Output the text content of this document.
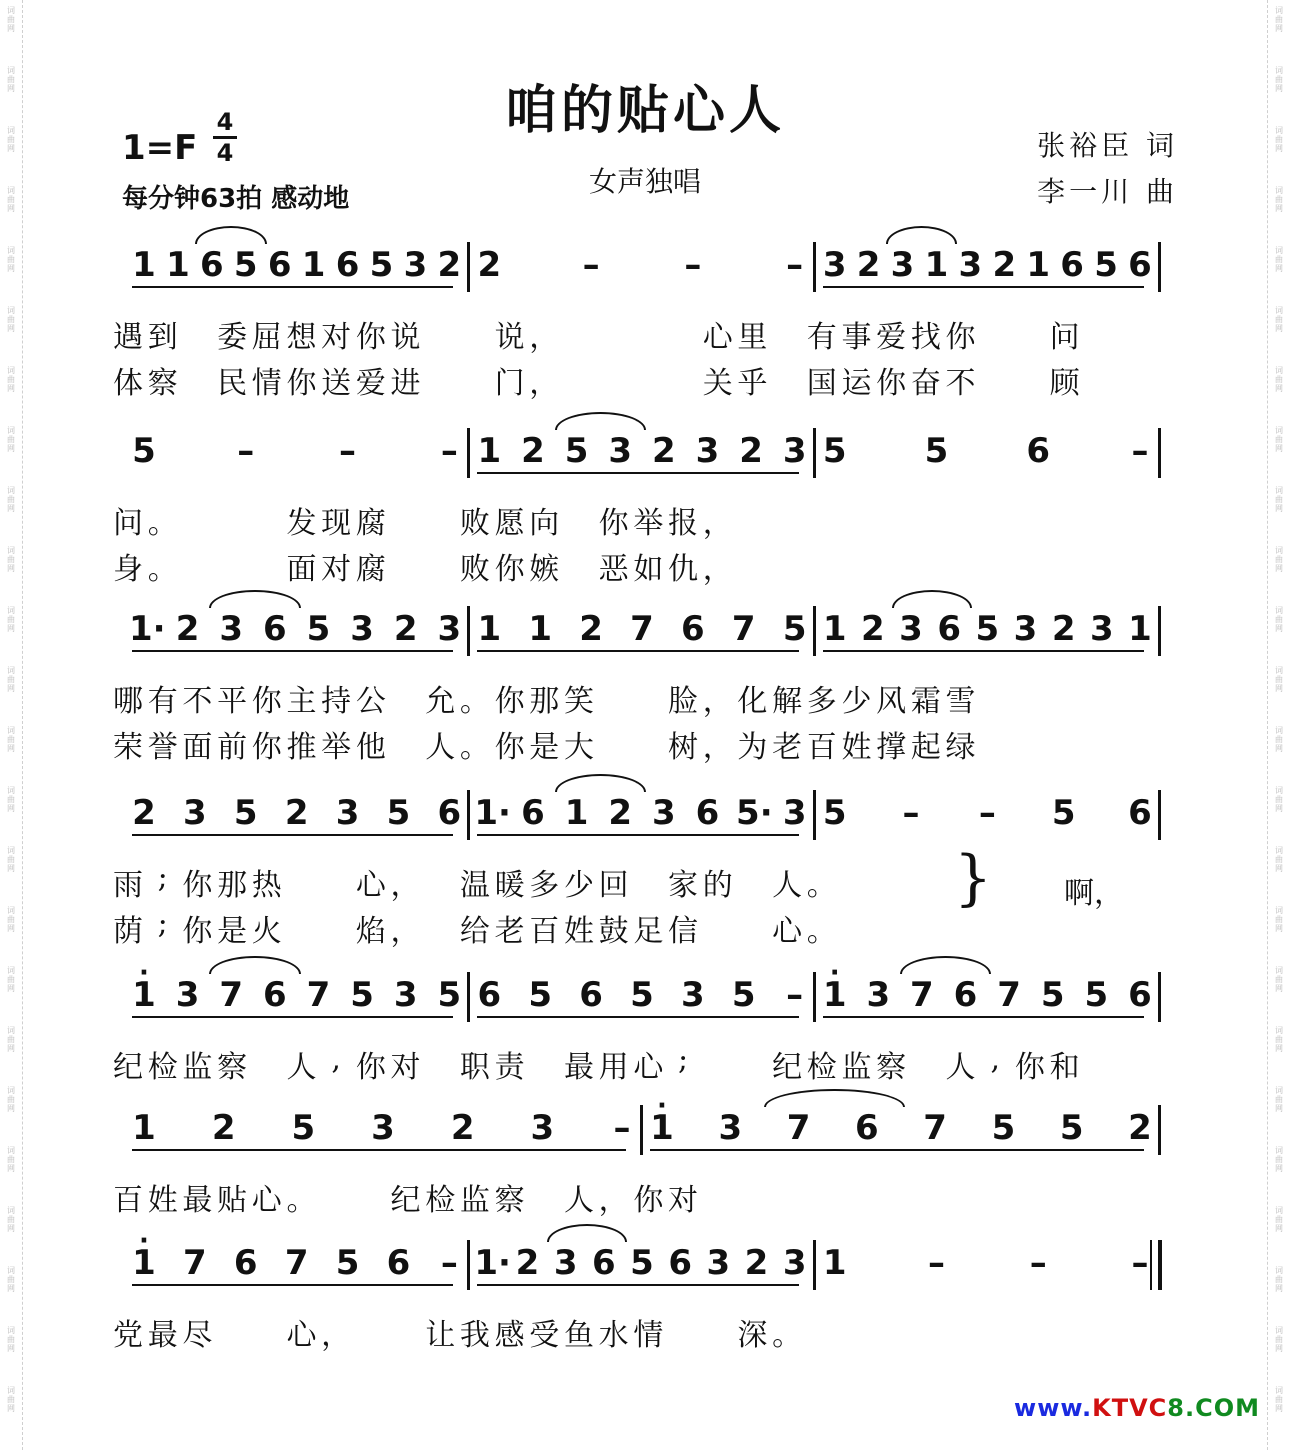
词
曲
网
词
曲
网
词
曲
网
词
曲
网
词
曲
网
词
曲
网
词
曲
网
词
曲
网
词
曲
网
词
曲
网
词
曲
网
词
曲
网
词
曲
网
词
曲
网
词
曲
网
词
曲
网
词
曲
网
词
曲
网
词
曲
网
词
曲
网
词
曲
网
词
曲
网
词
曲
网
词
曲
网
词
曲
网
词
曲
网
词
曲
网
词
曲
网
词
曲
网
词
曲
网
词
曲
网
词
曲
网
词
曲
网
词
曲
网
词
曲
网
词
曲
网
词
曲
网
词
曲
网
词
曲
网
词
曲
网
词
曲
网
词
曲
网
词
曲
网
词
曲
网
词
曲
网
词
曲
网
词
曲
网
词
曲
网
咱的贴心人
1=F
4
4
每分钟63拍 感动地
女声独唱
张裕臣 词
李一川 曲
1 1 6 5 6 1 6 5 3 2 2 – – – 3 2 3 1 3 2 1 6 5 6
遇 到 委 屈 想 对 你 说 说 ，	心 里 有 事 爱 找 你 问
体 察 民 情 你 送 爱 进 门 ，	关 乎 国 运 你 奋 不 顾
5 – – – 1 2 5 3 2 3 2 3 5 5 6 –
问 。	发 现 腐 败 愿 向 你 举 报 ，
身 。	面 对 腐 败 你 嫉 恶 如 仇 ，
1· 2 3 6 5 3 2 3 1 1 2 7 6 7 5 1 2 3 6 5 3 2 3 1
哪 有 不 平 你 主 持 公 允 。 你 那 笑 脸 ， 化 解 多 少 风 霜 雪
荣 誉 面 前 你 推 举 他 人 。 你 是 大 树 ， 为 老 百 姓 撑 起 绿
2 3 5 2 3 5 6 1· 6 1 2 3 6 5· 3 5 – – 5 6
雨 ; 你 那 热 心 ， 温 暖 多 少 回 家 的 人 。
荫 ; 你 是 火 焰 ， 给 老 百 姓 鼓 足 信 心 。
} 啊，
· 1 3 7 6 7 5 3 5 6 5 6 5 3 5 – · 1 3 7 6 7 5 5 6
纪 检 监 察 人 , 你 对 职 责 最 用 心 ;	纪 检 监 察 人 , 你 和
1 2 5 3 2 3 – · 1 3 7 6 7 5 5 2
百 姓 最 贴 心 。 纪 检 监 察 人 ， 你 对
· 1 7 6 7 5 6 – 1· 2 3 6 5 6 3 2 3 1 – – –
党 最 尽 心 ， 让 我 感 受 鱼 水 情 深 。
www.KTVC8.COM
